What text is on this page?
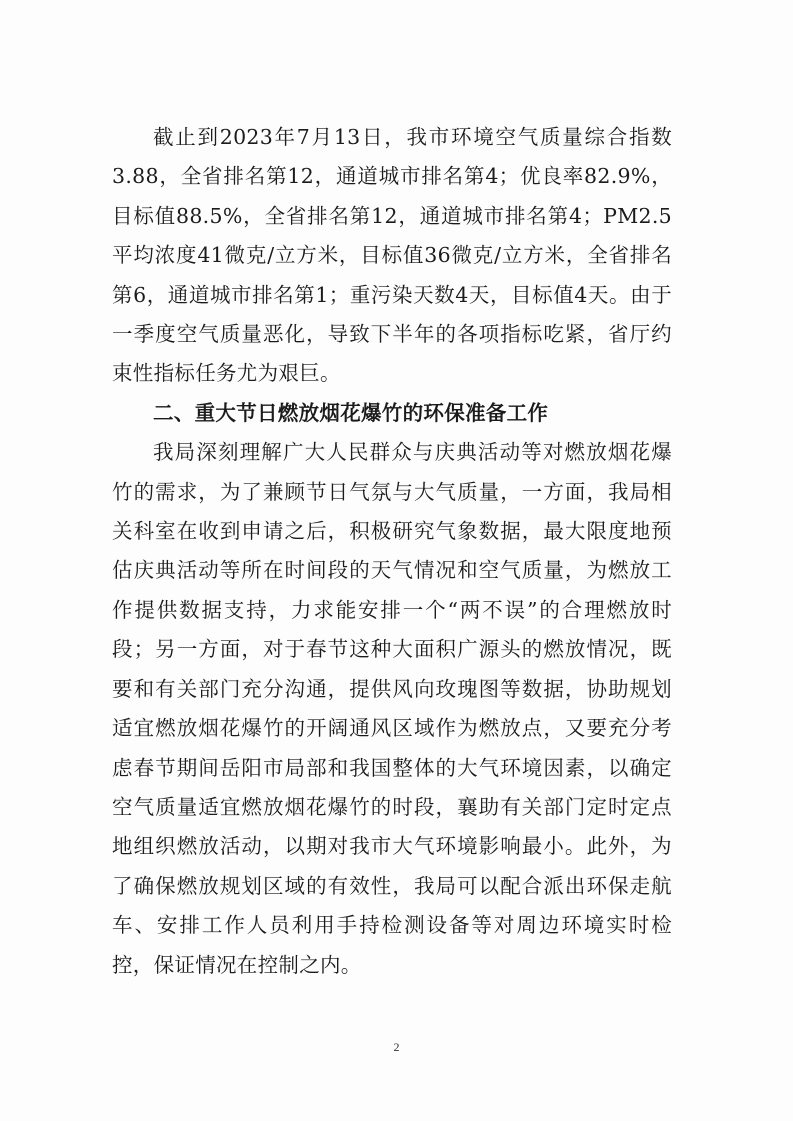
截止到2023年7月13日，我市环境空气质量综合指数3.88，全省排名第12，通道城市排名第4；优良率82.9%，目标值88.5%，全省排名第12，通道城市排名第4；PM2.5平均浓度41微克/立方米，目标值36微克/立方米，全省排名第6，通道城市排名第1；重污染天数4天，目标值4天。由于一季度空气质量恶化，导致下半年的各项指标吃紧，省厅约束性指标任务尤为艰巨。

二、重大节日燃放烟花爆竹的环保准备工作

我局深刻理解广大人民群众与庆典活动等对燃放烟花爆竹的需求，为了兼顾节日气氛与大气质量，一方面，我局相关科室在收到申请之后，积极研究气象数据，最大限度地预估庆典活动等所在时间段的天气情况和空气质量，为燃放工作提供数据支持，力求能安排一个“两不误”的合理燃放时段；另一方面，对于春节这种大面积广源头的燃放情况，既要和有关部门充分沟通，提供风向玫瑰图等数据，协助规划适宜燃放烟花爆竹的开阔通风区域作为燃放点，又要充分考虑春节期间岳阳市局部和我国整体的大气环境因素，以确定空气质量适宜燃放烟花爆竹的时段，襄助有关部门定时定点地组织燃放活动，以期对我市大气环境影响最小。此外，为了确保燃放规划区域的有效性，我局可以配合派出环保走航车、安排工作人员利用手持检测设备等对周边环境实时检控，保证情况在控制之内。

2
